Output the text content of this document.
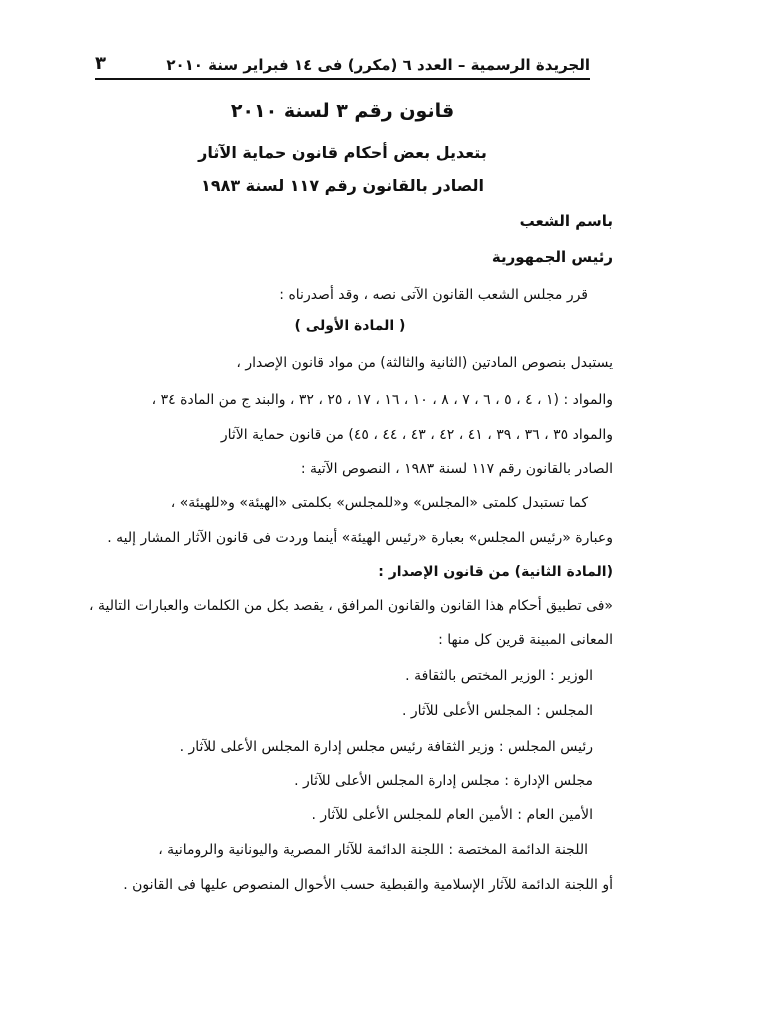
الجريدة الرسمية – العدد ٦ (مكرر) فى ١٤ فبراير سنة ٢٠١٠
٣
قانون رقم ٣ لسنة ٢٠١٠
بتعديل بعض أحكام قانون حماية الآثار
الصادر بالقانون رقم ١١٧ لسنة ١٩٨٣
باسم الشعب
رئيس الجمهورية
قرر مجلس الشعب القانون الآتى نصه ، وقد أصدرناه :
( المادة الأولى )
يستبدل بنصوص المادتين (الثانية والثالثة) من مواد قانون الإصدار ،
والمواد : (١ ، ٤ ، ٥ ، ٦ ، ٧ ، ٨ ، ١٠ ، ١٦ ، ١٧ ، ٢٥ ، ٣٢ ، والبند ج من المادة ٣٤ ،
والمواد ٣٥ ، ٣٦ ، ٣٩ ، ٤١ ، ٤٢ ، ٤٣ ، ٤٤ ، ٤٥) من قانون حماية الآثار
الصادر بالقانون رقم ١١٧ لسنة ١٩٨٣ ، النصوص الآتية :
كما تستبدل كلمتى «المجلس» و«للمجلس» بكلمتى «الهيئة» و«للهيئة» ،
وعبارة «رئيس المجلس» بعبارة «رئيس الهيئة» أينما وردت فى قانون الآثار المشار إليه .
(المادة الثانية) من قانون الإصدار :
«فى تطبيق أحكام هذا القانون والقانون المرافق ، يقصد بكل من الكلمات والعبارات التالية ،
المعانى المبينة قرين كل منها :
الوزير : الوزير المختص بالثقافة .
المجلس : المجلس الأعلى للآثار .
رئيس المجلس : وزير الثقافة رئيس مجلس إدارة المجلس الأعلى للآثار .
مجلس الإدارة : مجلس إدارة المجلس الأعلى للآثار .
الأمين العام : الأمين العام للمجلس الأعلى للآثار .
اللجنة الدائمة المختصة : اللجنة الدائمة للآثار المصرية واليونانية والرومانية ،
أو اللجنة الدائمة للآثار الإسلامية والقبطية حسب الأحوال المنصوص عليها فى القانون .
